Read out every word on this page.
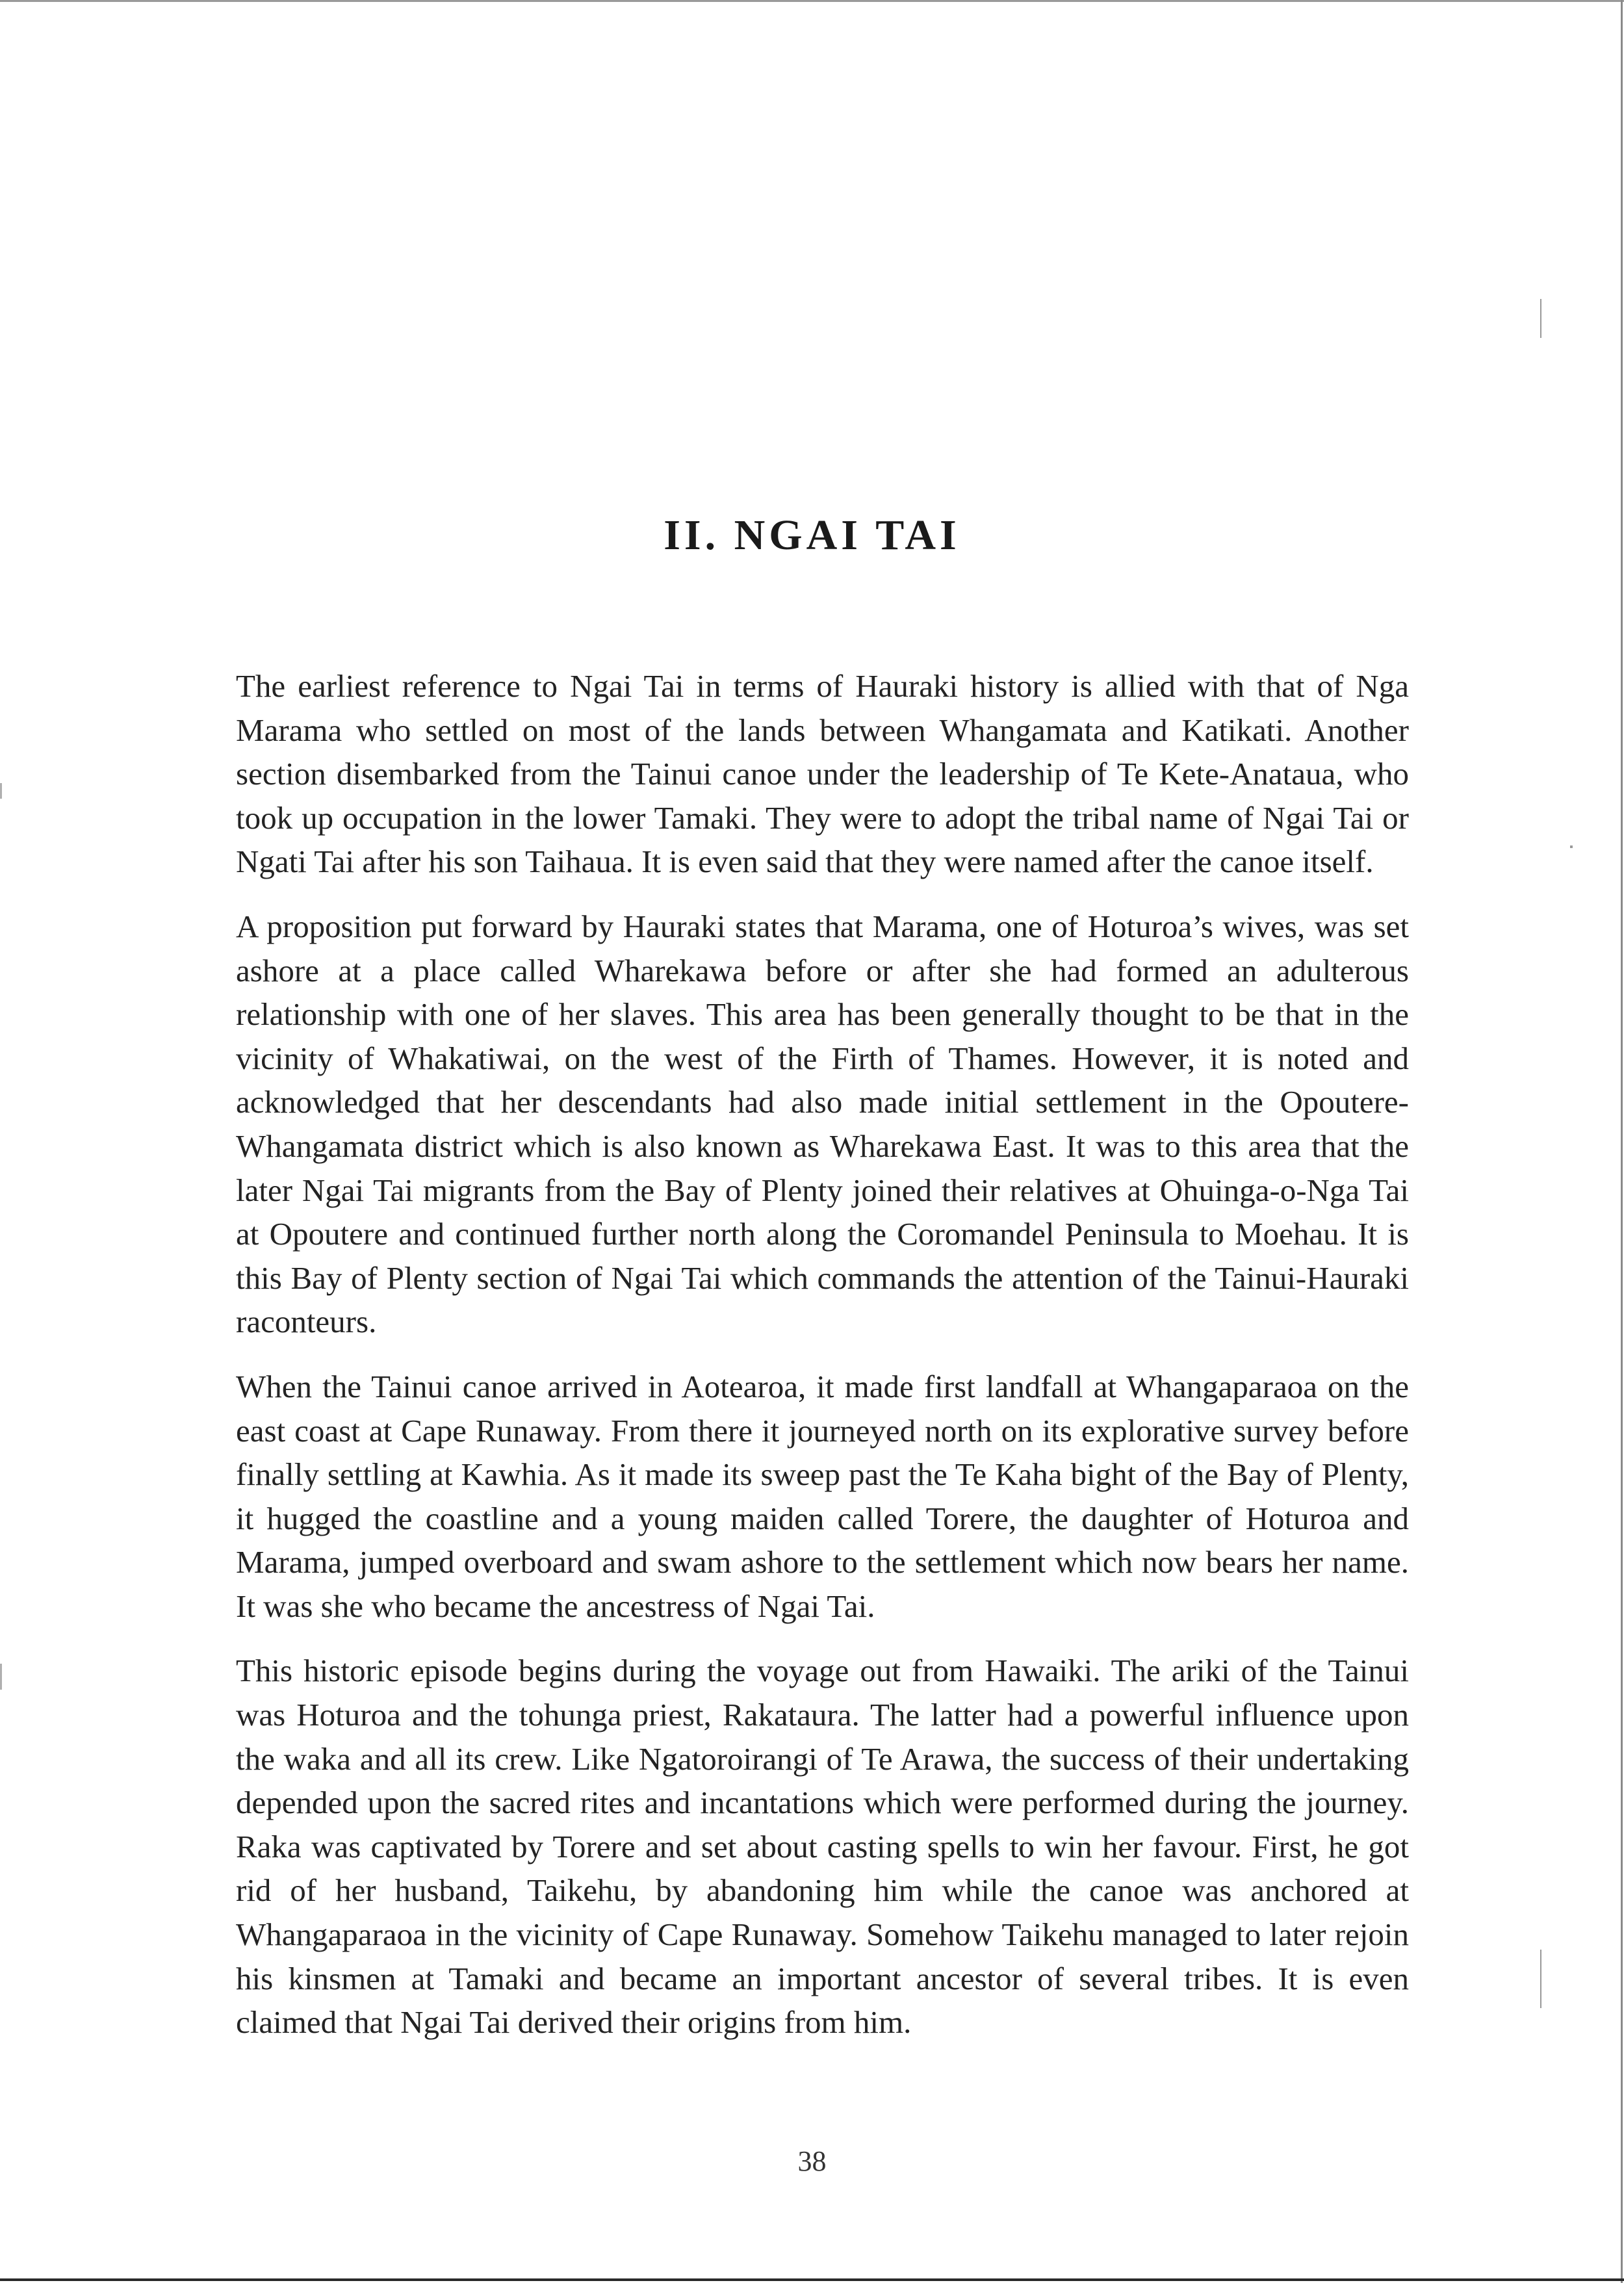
II. NGAI TAI

The earliest reference to Ngai Tai in terms of Hauraki history is allied with that of Nga Marama who settled on most of the lands between Whangamata and Katikati. Another section disembarked from the Tainui canoe under the leadership of Te Kete-Anataua, who took up occupation in the lower Tamaki. They were to adopt the tribal name of Ngai Tai or Ngati Tai after his son Taihaua. It is even said that they were named after the canoe itself.

A proposition put forward by Hauraki states that Marama, one of Hoturoa’s wives, was set ashore at a place called Wharekawa before or after she had formed an adulterous relationship with one of her slaves. This area has been generally thought to be that in the vicinity of Whakatiwai, on the west of the Firth of Thames. However, it is noted and acknowledged that her descendants had also made initial settlement in the Opoutere-Whangamata district which is also known as Wharekawa East. It was to this area that the later Ngai Tai migrants from the Bay of Plenty joined their relatives at Ohuinga-o-Nga Tai at Opoutere and continued further north along the Coromandel Peninsula to Moehau. It is this Bay of Plenty section of Ngai Tai which commands the attention of the Tainui-Hauraki raconteurs.

When the Tainui canoe arrived in Aotearoa, it made first landfall at Whangaparaoa on the east coast at Cape Runaway. From there it journeyed north on its explorative survey before finally settling at Kawhia. As it made its sweep past the Te Kaha bight of the Bay of Plenty, it hugged the coastline and a young maiden called Torere, the daughter of Hoturoa and Marama, jumped overboard and swam ashore to the settlement which now bears her name. It was she who became the ancestress of Ngai Tai.

This historic episode begins during the voyage out from Hawaiki. The ariki of the Tainui was Hoturoa and the tohunga priest, Rakataura. The latter had a powerful influence upon the waka and all its crew. Like Ngatoroirangi of Te Arawa, the success of their undertaking depended upon the sacred rites and incantations which were performed during the journey. Raka was captivated by Torere and set about casting spells to win her favour. First, he got rid of her husband, Taikehu, by abandoning him while the canoe was anchored at Whangaparaoa in the vicinity of Cape Runaway. Somehow Taikehu managed to later rejoin his kinsmen at Tamaki and became an important ancestor of several tribes. It is even claimed that Ngai Tai derived their origins from him.

38
